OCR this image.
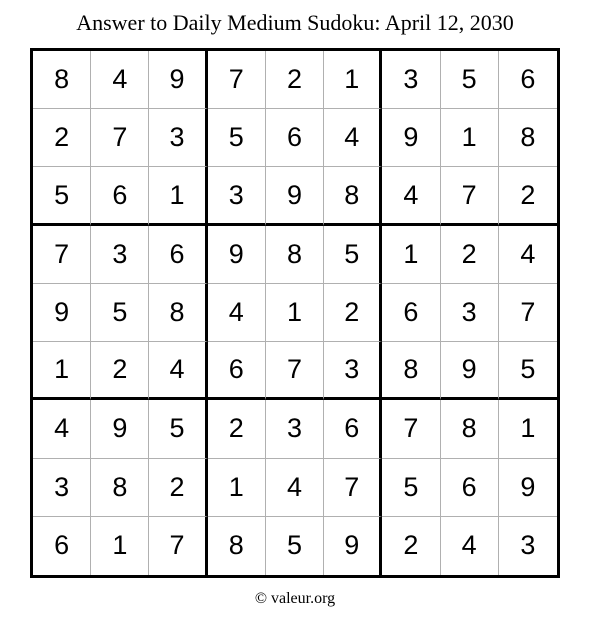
Answer to Daily Medium Sudoku: April 12, 2030
8	4	9	7	2	1	3	5	6
2	7	3	5	6	4	9	1	8
5	6	1	3	9	8	4	7	2
7	3	6	9	8	5	1	2	4
9	5	8	4	1	2	6	3	7
1	2	4	6	7	3	8	9	5
4	9	5	2	3	6	7	8	1
3	8	2	1	4	7	5	6	9
6	1	7	8	5	9	2	4	3
© valeur.org
